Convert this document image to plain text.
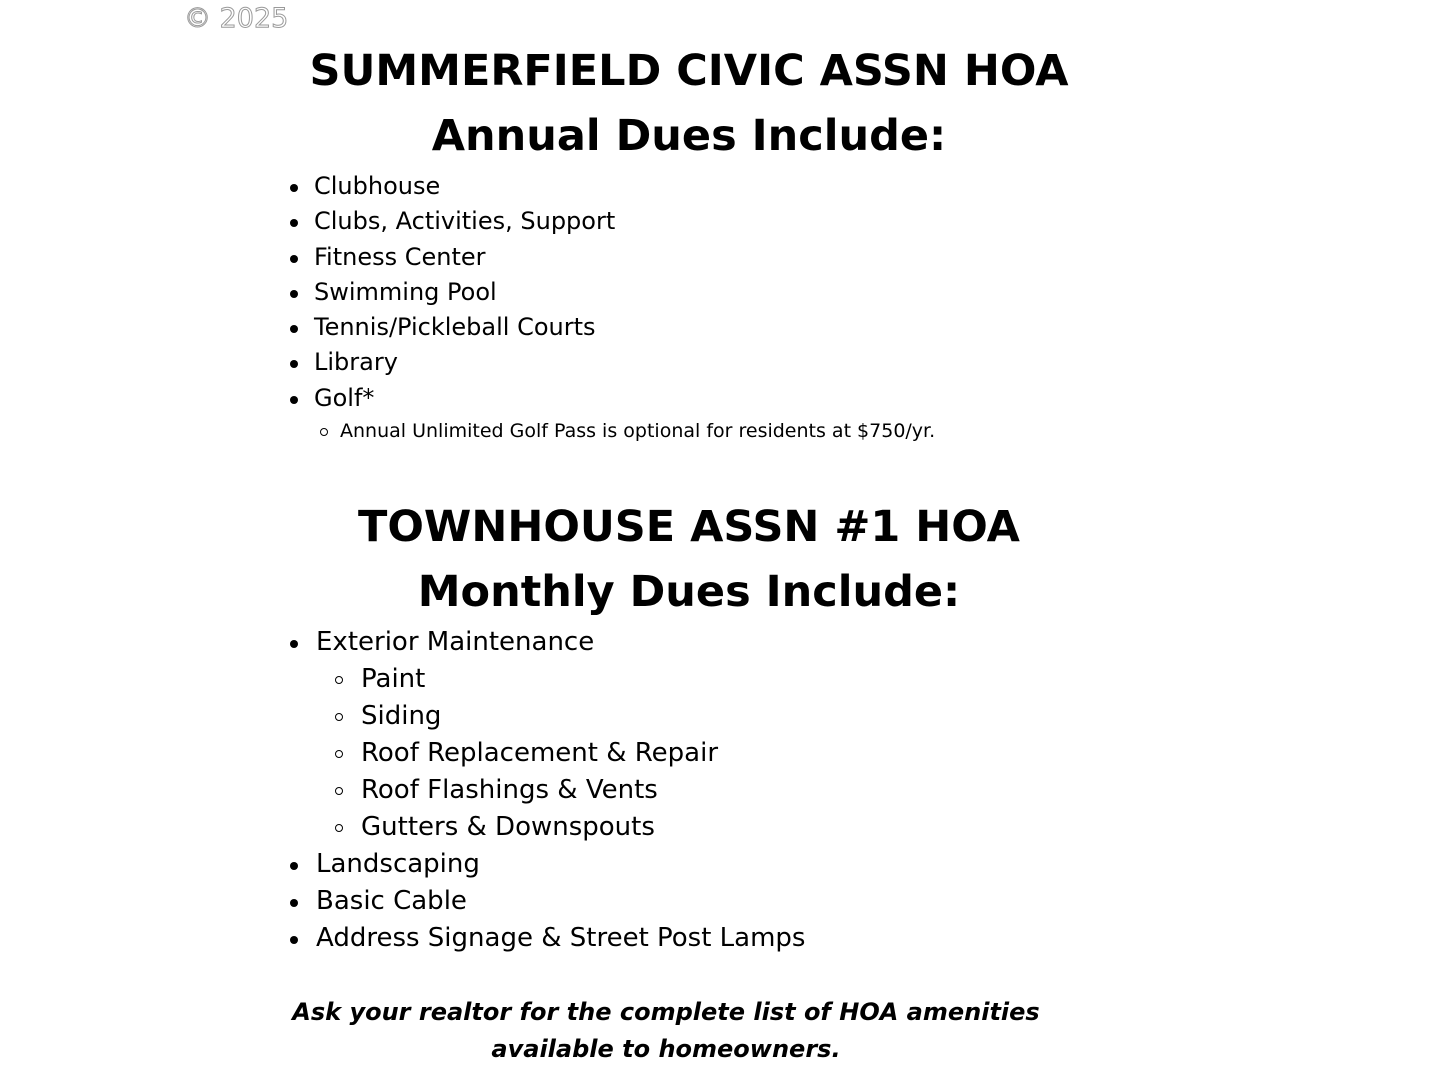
© 2025
SUMMERFIELD CIVIC ASSN HOA
Annual Dues Include:
Clubhouse
Clubs, Activities, Support
Fitness Center
Swimming Pool
Tennis/Pickleball Courts
Library
Golf*
Annual Unlimited Golf Pass is optional for residents at $750/yr.
TOWNHOUSE ASSN #1 HOA
Monthly Dues Include:
Exterior Maintenance
Paint
Siding
Roof Replacement & Repair
Roof Flashings & Vents
Gutters & Downspouts
Landscaping
Basic Cable
Address Signage & Street Post Lamps
Ask your realtor for the complete list of HOA amenities
available to homeowners.
